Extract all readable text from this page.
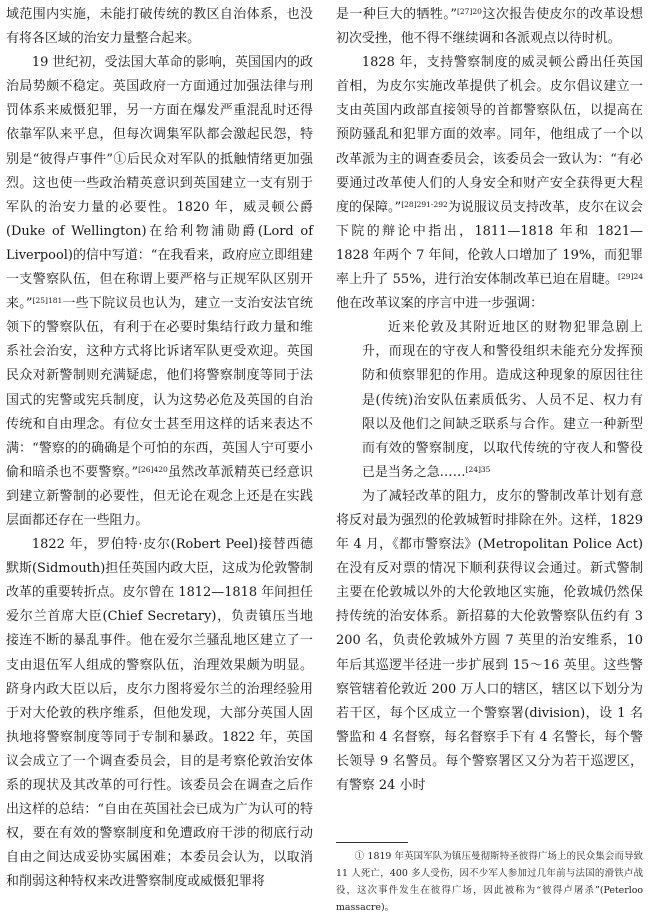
域范围内实施，未能打破传统的教区自治体系，也没有将各区域的治安力量整合起来。

19 世纪初，受法国大革命的影响，英国国内的政治局势颇不稳定。英国政府一方面通过加强法律与刑罚体系来威慑犯罪，另一方面在爆发严重混乱时还得依靠军队来平息，但每次调集军队都会激起民怨，特别是“彼得卢事件”①后民众对军队的抵触情绪更加强烈。这也使一些政治精英意识到英国建立一支有别于军队的治安力量的必要性。1820 年，威灵顿公爵(Duke of Wellington)在给利物浦勋爵(Lord of Liverpool)的信中写道：“在我看来，政府应立即组建一支警察队伍，但在称谓上要严格与正规军队区别开来。”$^{[25]181}$一些下院议员也认为，建立一支治安法官统领下的警察队伍，有利于在必要时集结行政力量和维系社会治安，这种方式将比诉诸军队更受欢迎。英国民众对新警制则充满疑虑，他们将警察制度等同于法国式的宪警或宪兵制度，认为这势必危及英国的自治传统和自由理念。有位女士甚至用这样的话来表达不满：“警察的的确确是个可怕的东西，英国人宁可要小偷和暗杀也不要警察。”$^{[26]420}$虽然改革派精英已经意识到建立新警制的必要性，但无论在观念上还是在实践层面都还存在一些阻力。

1822 年，罗伯特·皮尔(Robert Peel)接替西德默斯(Sidmouth)担任英国内政大臣，这成为伦敦警制改革的重要转折点。皮尔曾在 1812—1818 年间担任爱尔兰首席大臣(Chief Secretary)，负责镇压当地接连不断的暴乱事件。他在爱尔兰骚乱地区建立了一支由退伍军人组成的警察队伍，治理效果颇为明显。跻身内政大臣以后，皮尔力图将爱尔兰的治理经验用于对大伦敦的秩序维系，但他发现，大部分英国人固执地将警察制度等同于专制和暴政。1822 年，英国议会成立了一个调查委员会，目的是考察伦敦治安体系的现状及其改革的可行性。该委员会在调查之后作出这样的总结：“自由在英国社会已成为广为认可的特权，要在有效的警察制度和免遭政府干涉的彻底行动自由之间达成妥协实属困难；本委员会认为，以取消和削弱这种特权来改进警察制度或威慑犯罪将

是一种巨大的牺牲。”$^{[27]20}$这次报告使皮尔的改革设想初次受挫，他不得不继续调和各派观点以待时机。

1828 年，支持警察制度的威灵顿公爵出任英国首相，为皮尔实施改革提供了机会。皮尔倡议建立一支由英国内政部直接领导的首都警察队伍，以提高在预防骚乱和犯罪方面的效率。同年，他组成了一个以改革派为主的调查委员会，该委员会一致认为：“有必要通过改革使人们的人身安全和财产安全获得更大程度的保障。”$^{[28]291-292}$为说服议员支持改革，皮尔在议会下院的辩论中指出，1811—1818 年和 1821—1828 年两个 7 年间，伦敦人口增加了 19%，而犯罪率上升了 55%，进行治安体制改革已迫在眉睫。$^{[29]24}$他在改革议案的序言中进一步强调：

近来伦敦及其附近地区的财物犯罪急剧上升，而现在的守夜人和警役组织未能充分发挥预防和侦察罪犯的作用。造成这种现象的原因往往是(传统)治安队伍素质低劣、人员不足、权力有限以及他们之间缺乏联系与合作。建立一种新型而有效的警察制度，以取代传统的守夜人和警役已是当务之急……$^{[24]35}$

为了减轻改革的阻力，皮尔的警制改革计划有意将反对最为强烈的伦敦城暂时排除在外。这样，1829 年 4 月，《都市警察法》(Metropolitan Police Act)在没有反对票的情况下顺利获得议会通过。新式警制主要在伦敦城以外的大伦敦地区实施，伦敦城仍然保持传统的治安体系。新招募的大伦敦警察队伍约有 3 200 名，负责伦敦城外方圆 7 英里的治安维系，10 年后其巡逻半径进一步扩展到 15～16 英里。这些警察管辖着伦敦近 200 万人口的辖区，辖区以下划分为若干区，每个区成立一个警察署(division)，设 1 名警监和 4 名督察，每名督察手下有 4 名警长，每个警长领导 9 名警员。每个警察署区又分为若干巡逻区，有警察 24 小时

① 1819 年英国军队为镇压曼彻斯特圣彼得广场上的民众集会而导致 11 人死亡，400 多人受伤，因不少军人参加过几年前与法国的滑铁卢战役，这次事件发生在彼得广场，因此被称为“彼得卢屠杀”(Peterloo massacre)。
